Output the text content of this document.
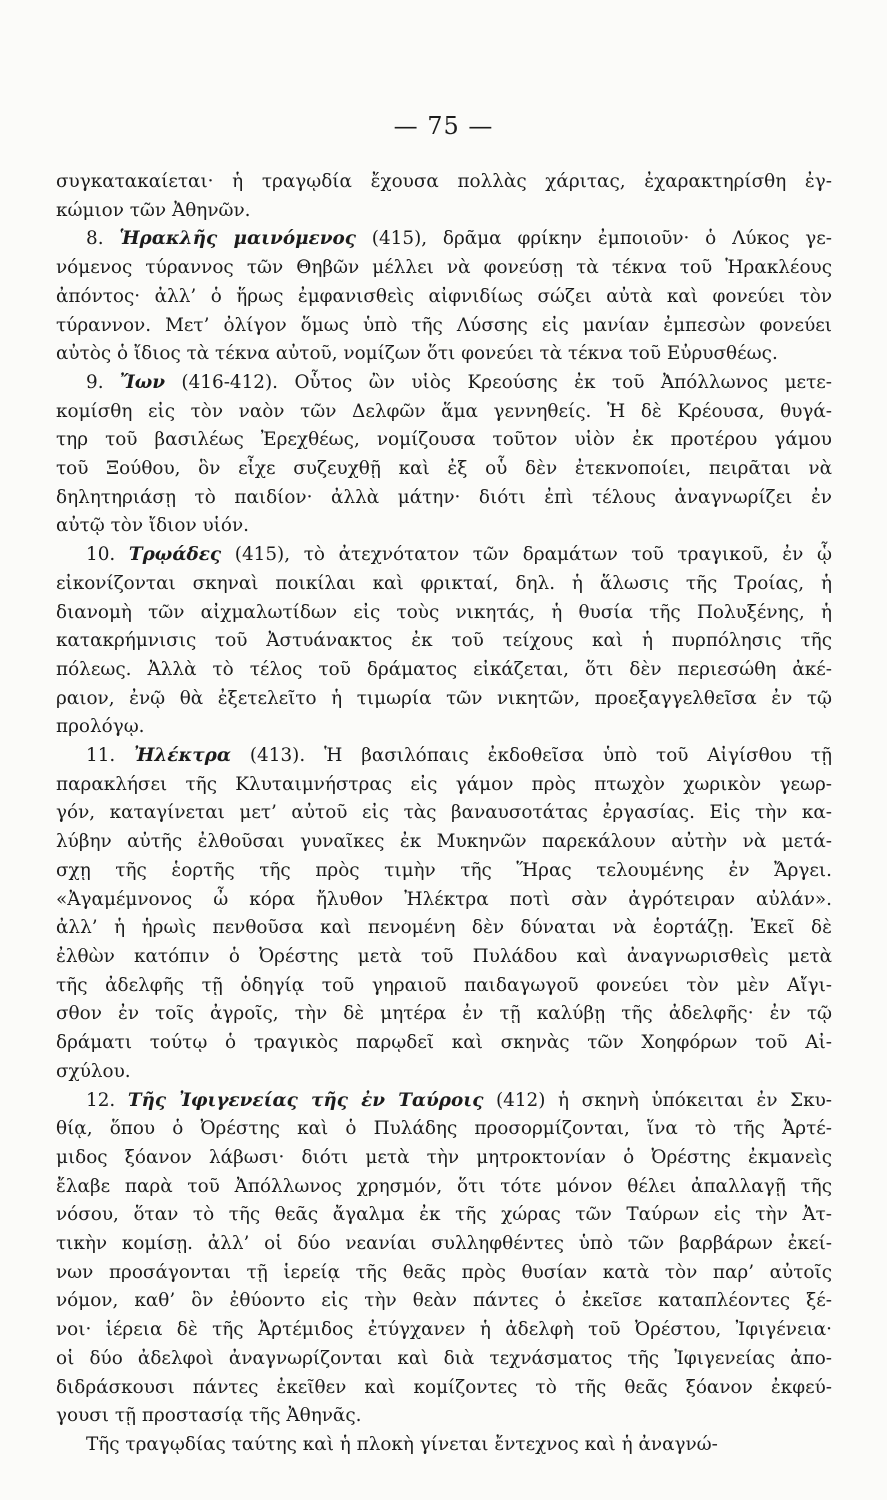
— 75 —
συγκατακαίεται· ἡ τραγῳδία ἔχουσα πολλὰς χάριτας, ἐχαρακτηρίσθη ἐγ-
κώμιον τῶν Ἀθηνῶν.
8. Ἡρακλῆς μαινόμενος (415), δρᾶμα φρίκην ἐμποιοῦν· ὁ Λύκος γε-
νόμενος τύραννος τῶν Θηβῶν μέλλει νὰ φονεύσῃ τὰ τέκνα τοῦ Ἡρακλέους
ἀπόντος· ἀλλ’ ὁ ἥρως ἐμφανισθεὶς αἰφνιδίως σώζει αὐτὰ καὶ φονεύει τὸν
τύραννον. Μετ’ ὀλίγον ὅμως ὑπὸ τῆς Λύσσης εἰς μανίαν ἐμπεσὼν φονεύει
αὐτὸς ὁ ἴδιος τὰ τέκνα αὐτοῦ, νομίζων ὅτι φονεύει τὰ τέκνα τοῦ Εὐρυσθέως.
9. Ἴων (416-412). Οὗτος ὢν υἱὸς Κρεούσης ἐκ τοῦ Ἀπόλλωνος μετε-
κομίσθη εἰς τὸν ναὸν τῶν Δελφῶν ἅμα γεννηθείς. Ἡ δὲ Κρέουσα, θυγά-
τηρ τοῦ βασιλέως Ἐρεχθέως, νομίζουσα τοῦτον υἱὸν ἐκ προτέρου γάμου
τοῦ Ξούθου, ὃν εἶχε συζευχθῇ καὶ ἐξ οὗ δὲν ἐτεκνοποίει, πειρᾶται νὰ
δηλητηριάσῃ τὸ παιδίον· ἀλλὰ μάτην· διότι ἐπὶ τέλους ἀναγνωρίζει ἐν
αὐτῷ τὸν ἴδιον υἱόν.
10. Τρῳάδες (415), τὸ ἀτεχνότατον τῶν δραμάτων τοῦ τραγικοῦ, ἐν ᾧ
εἰκονίζονται σκηναὶ ποικίλαι καὶ φρικταί, δηλ. ἡ ἅλωσις τῆς Τροίας, ἡ
διανομὴ τῶν αἰχμαλωτίδων εἰς τοὺς νικητάς, ἡ θυσία τῆς Πολυξένης, ἡ
κατακρήμνισις τοῦ Ἀστυάνακτος ἐκ τοῦ τείχους καὶ ἡ πυρπόλησις τῆς
πόλεως. Ἀλλὰ τὸ τέλος τοῦ δράματος εἰκάζεται, ὅτι δὲν περιεσώθη ἀκέ-
ραιον, ἐνῷ θὰ ἐξετελεῖτο ἡ τιμωρία τῶν νικητῶν, προεξαγγελθεῖσα ἐν τῷ
προλόγῳ.
11. Ἠλέκτρα (413). Ἡ βασιλόπαις ἐκδοθεῖσα ὑπὸ τοῦ Αἰγίσθου τῇ
παρακλήσει τῆς Κλυταιμνήστρας εἰς γάμον πρὸς πτωχὸν χωρικὸν γεωρ-
γόν, καταγίνεται μετ’ αὐτοῦ εἰς τὰς βαναυσοτάτας ἐργασίας. Εἰς τὴν κα-
λύβην αὐτῆς ἐλθοῦσαι γυναῖκες ἐκ Μυκηνῶν παρεκάλουν αὐτὴν νὰ μετά-
σχῃ τῆς ἑορτῆς τῆς πρὸς τιμὴν τῆς Ἥρας τελουμένης ἐν Ἄργει.
«Ἀγαμέμνονος ὦ κόρα ἤλυθον Ἠλέκτρα ποτὶ σὰν ἀγρότειραν αὐλάν».
ἀλλ’ ἡ ἡρωὶς πενθοῦσα καὶ πενομένη δὲν δύναται νὰ ἑορτάζῃ. Ἐκεῖ δὲ
ἐλθὼν κατόπιν ὁ Ὀρέστης μετὰ τοῦ Πυλάδου καὶ ἀναγνωρισθεὶς μετὰ
τῆς ἀδελφῆς τῇ ὁδηγίᾳ τοῦ γηραιοῦ παιδαγωγοῦ φονεύει τὸν μὲν Αἴγι-
σθον ἐν τοῖς ἀγροῖς, τὴν δὲ μητέρα ἐν τῇ καλύβῃ τῆς ἀδελφῆς· ἐν τῷ
δράματι τούτῳ ὁ τραγικὸς παρῳδεῖ καὶ σκηνὰς τῶν Χοηφόρων τοῦ Αἰ-
σχύλου.
12. Τῆς Ἰφιγενείας τῆς ἐν Ταύροις (412) ἡ σκηνὴ ὑπόκειται ἐν Σκυ-
θίᾳ, ὅπου ὁ Ὀρέστης καὶ ὁ Πυλάδης προσορμίζονται, ἵνα τὸ τῆς Ἀρτέ-
μιδος ξόανον λάβωσι· διότι μετὰ τὴν μητροκτονίαν ὁ Ὀρέστης ἐκμανεὶς
ἔλαβε παρὰ τοῦ Ἀπόλλωνος χρησμόν, ὅτι τότε μόνον θέλει ἀπαλλαγῇ τῆς
νόσου, ὅταν τὸ τῆς θεᾶς ἄγαλμα ἐκ τῆς χώρας τῶν Ταύρων εἰς τὴν Ἀτ-
τικὴν κομίσῃ. ἀλλ’ οἱ δύο νεανίαι συλληφθέντες ὑπὸ τῶν βαρβάρων ἐκεί-
νων προσάγονται τῇ ἱερείᾳ τῆς θεᾶς πρὸς θυσίαν κατὰ τὸν παρ’ αὐτοῖς
νόμον, καθ’ ὃν ἐθύοντο εἰς τὴν θεὰν πάντες ὁ ἐκεῖσε καταπλέοντες ξέ-
νοι· ἱέρεια δὲ τῆς Ἀρτέμιδος ἐτύγχανεν ἡ ἀδελφὴ τοῦ Ὀρέστου, Ἰφιγένεια·
οἱ δύο ἀδελφοὶ ἀναγνωρίζονται καὶ διὰ τεχνάσματος τῆς Ἰφιγενείας ἀπο-
διδράσκουσι πάντες ἐκεῖθεν καὶ κομίζοντες τὸ τῆς θεᾶς ξόανον ἐκφεύ-
γουσι τῇ προστασίᾳ τῆς Ἀθηνᾶς.
Τῆς τραγῳδίας ταύτης καὶ ἡ πλοκὴ γίνεται ἔντεχνος καὶ ἡ ἀναγνώ-
